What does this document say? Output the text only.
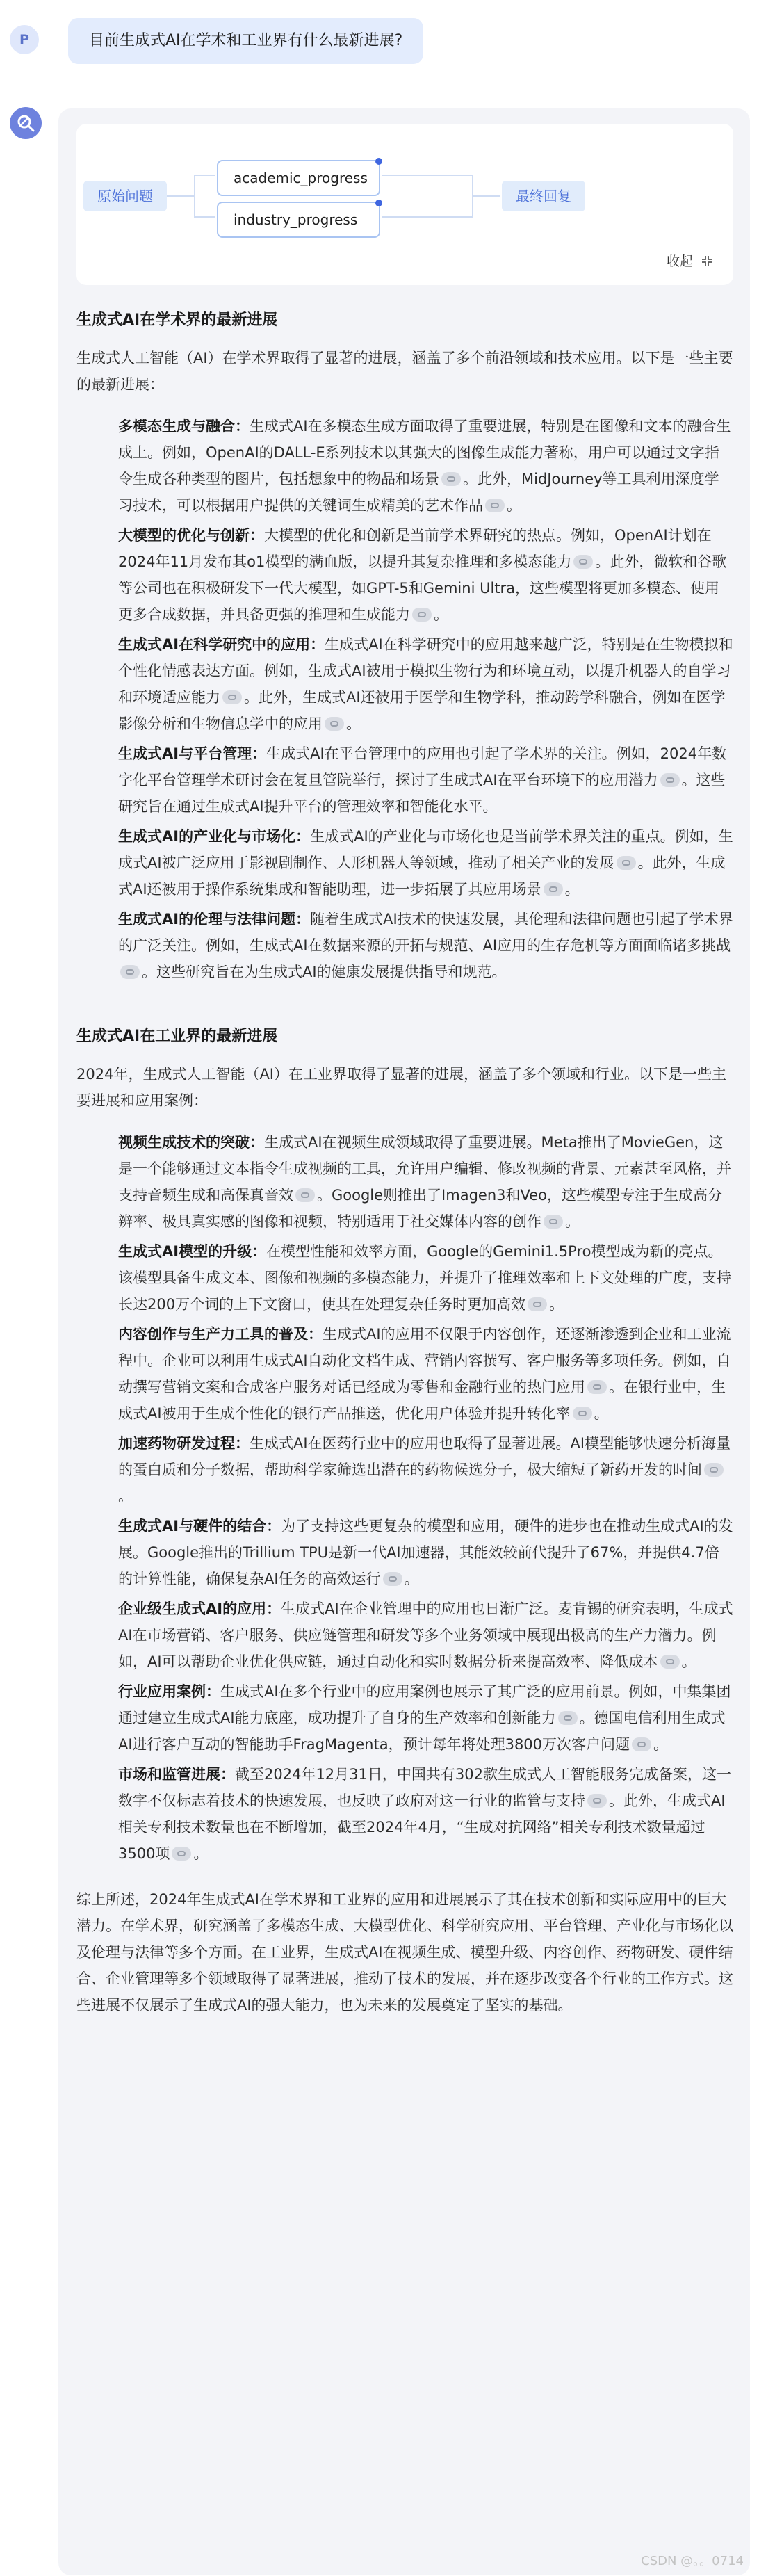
P	目前生成式AI在学术和工业界有什么最新进展?
原始问题
academic_progress
industry_progress
最终回复
收起
生成式AI在学术界的最新进展
生成式人工智能（AI）在学术界取得了显著的进展，涵盖了多个前沿领域和技术应用。以下是一些主要的最新进展：
多模态生成与融合：生成式AI在多模态生成方面取得了重要进展，特别是在图像和文本的融合生成上。例如，OpenAI的DALL-E系列技术以其强大的图像生成能力著称，用户可以通过文字指令生成各种类型的图片，包括想象中的物品和场景 。此外，MidJourney等工具利用深度学习技术，可以根据用户提供的关键词生成精美的艺术作品 。
大模型的优化与创新：大模型的优化和创新是当前学术界研究的热点。例如，OpenAI计划在2024年11月发布其o1模型的满血版，以提升其复杂推理和多模态能力 。此外，微软和谷歌等公司也在积极研发下一代大模型，如GPT-5和Gemini Ultra，这些模型将更加多模态、使用更多合成数据，并具备更强的推理和生成能力 。
生成式AI在科学研究中的应用：生成式AI在科学研究中的应用越来越广泛，特别是在生物模拟和个性化情感表达方面。例如，生成式AI被用于模拟生物行为和环境互动，以提升机器人的自学习和环境适应能力 。此外，生成式AI还被用于医学和生物学科，推动跨学科融合，例如在医学影像分析和生物信息学中的应用 。
生成式AI与平台管理：生成式AI在平台管理中的应用也引起了学术界的关注。例如，2024年数字化平台管理学术研讨会在复旦管院举行，探讨了生成式AI在平台环境下的应用潜力 。这些研究旨在通过生成式AI提升平台的管理效率和智能化水平。
生成式AI的产业化与市场化：生成式AI的产业化与市场化也是当前学术界关注的重点。例如，生成式AI被广泛应用于影视剧制作、人形机器人等领域，推动了相关产业的发展 。此外，生成式AI还被用于操作系统集成和智能助理，进一步拓展了其应用场景 。
生成式AI的伦理与法律问题：随着生成式AI技术的快速发展，其伦理和法律问题也引起了学术界的广泛关注。例如，生成式AI在数据来源的开拓与规范、AI应用的生存危机等方面面临诸多挑战。这些研究旨在为生成式AI的健康发展提供指导和规范。
生成式AI在工业界的最新进展
2024年，生成式人工智能（AI）在工业界取得了显著的进展，涵盖了多个领域和行业。以下是一些主要进展和应用案例：
视频生成技术的突破：生成式AI在视频生成领域取得了重要进展。Meta推出了MovieGen，这是一个能够通过文本指令生成视频的工具，允许用户编辑、修改视频的背景、元素甚至风格，并支持音频生成和高保真音效 。Google则推出了Imagen3和Veo，这些模型专注于生成高分辨率、极具真实感的图像和视频，特别适用于社交媒体内容的创作 。
生成式AI模型的升级：在模型性能和效率方面，Google的Gemini1.5Pro模型成为新的亮点。该模型具备生成文本、图像和视频的多模态能力，并提升了推理效率和上下文处理的广度，支持长达200万个词的上下文窗口，使其在处理复杂任务时更加高效 。
内容创作与生产力工具的普及：生成式AI的应用不仅限于内容创作，还逐渐渗透到企业和工业流程中。企业可以利用生成式AI自动化文档生成、营销内容撰写、客户服务等多项任务。例如，自动撰写营销文案和合成客户服务对话已经成为零售和金融行业的热门应用 。在银行业中，生成式AI被用于生成个性化的银行产品推送，优化用户体验并提升转化率 。
加速药物研发过程：生成式AI在医药行业中的应用也取得了显著进展。AI模型能够快速分析海量的蛋白质和分子数据，帮助科学家筛选出潜在的药物候选分子，极大缩短了新药开发的时间。
生成式AI与硬件的结合：为了支持这些更复杂的模型和应用，硬件的进步也在推动生成式AI的发展。Google推出的Trillium TPU是新一代AI加速器，其能效较前代提升了67%，并提供4.7倍的计算性能，确保复杂AI任务的高效运行 。
企业级生成式AI的应用：生成式AI在企业管理中的应用也日渐广泛。麦肯锡的研究表明，生成式AI在市场营销、客户服务、供应链管理和研发等多个业务领域中展现出极高的生产力潜力。例如，AI可以帮助企业优化供应链，通过自动化和实时数据分析来提高效率、降低成本 。
行业应用案例：生成式AI在多个行业中的应用案例也展示了其广泛的应用前景。例如，中集集团通过建立生成式AI能力底座，成功提升了自身的生产效率和创新能力 。德国电信利用生成式AI进行客户互动的智能助手FragMagenta，预计每年将处理3800万次客户问题 。
市场和监管进展：截至2024年12月31日，中国共有302款生成式人工智能服务完成备案，这一数字不仅标志着技术的快速发展，也反映了政府对这一行业的监管与支持 。此外，生成式AI相关专利技术数量也在不断增加，截至2024年4月，“生成对抗网络”相关专利技术数量超过3500项 。
综上所述，2024年生成式AI在学术界和工业界的应用和进展展示了其在技术创新和实际应用中的巨大潜力。在学术界，研究涵盖了多模态生成、大模型优化、科学研究应用、平台管理、产业化与市场化以及伦理与法律等多个方面。在工业界，生成式AI在视频生成、模型升级、内容创作、药物研发、硬件结合、企业管理等多个领域取得了显著进展，推动了技术的发展，并在逐步改变各个行业的工作方式。这些进展不仅展示了生成式AI的强大能力，也为未来的发展奠定了坚实的基础。
CSDN @。。0714
